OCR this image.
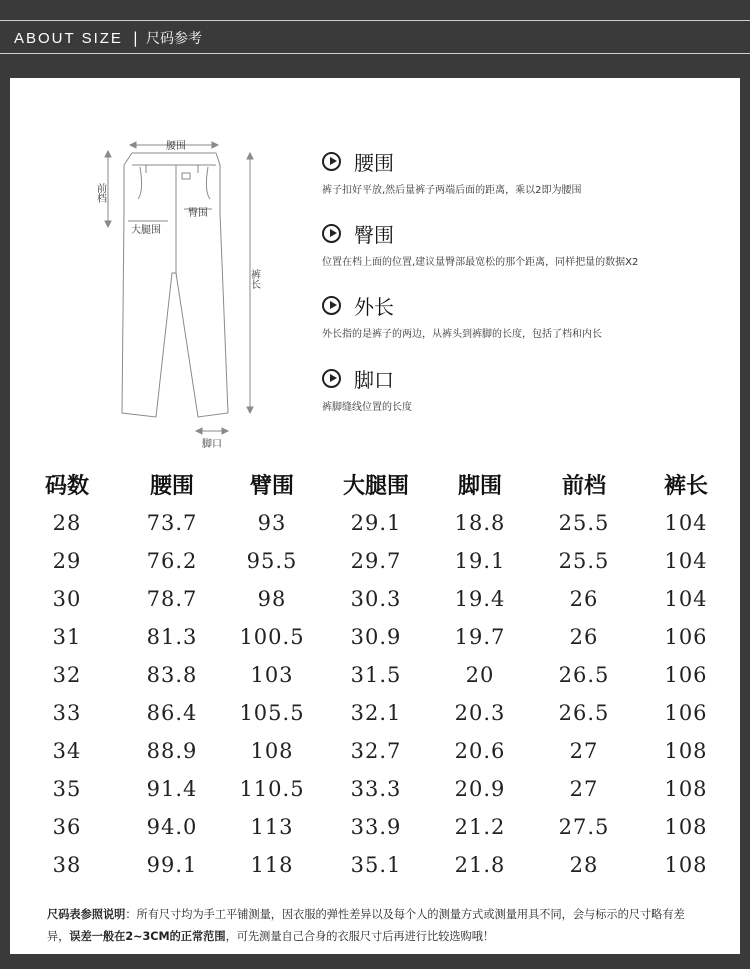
ABOUT SIZE | 尺码参考
腰围
前档
臀围
大腿围
裤长
脚口
腰围
裤子扣好平放,然后量裤子两端后面的距离，乘以2即为腰围
臀围
位置在档上面的位置,建议量臀部最宽松的那个距离，同样把量的数据X2
外长
外长指的是裤子的两边，从裤头到裤脚的长度，包括了档和内长
脚口
裤脚缝线位置的长度
码数	腰围	臂围	大腿围	脚围	前档	裤长
28	73.7	93	29.1	18.8	25.5	104
29	76.2	95.5	29.7	19.1	25.5	104
30	78.7	98	30.3	19.4	26	104
31	81.3	100.5	30.9	19.7	26	106
32	83.8	103	31.5	20	26.5	106
33	86.4	105.5	32.1	20.3	26.5	106
34	88.9	108	32.7	20.6	27	108
35	91.4	110.5	33.3	20.9	27	108
36	94.0	113	33.9	21.2	27.5	108
38	99.1	118	35.1	21.8	28	108
尺码表参照说明：所有尺寸均为手工平铺测量，因衣服的弹性差异以及每个人的测量方式或测量用具不同，会与标示的尺寸略有差异，误差一般在2~3CM的正常范围，可先测量自己合身的衣服尺寸后再进行比较选购哦！
